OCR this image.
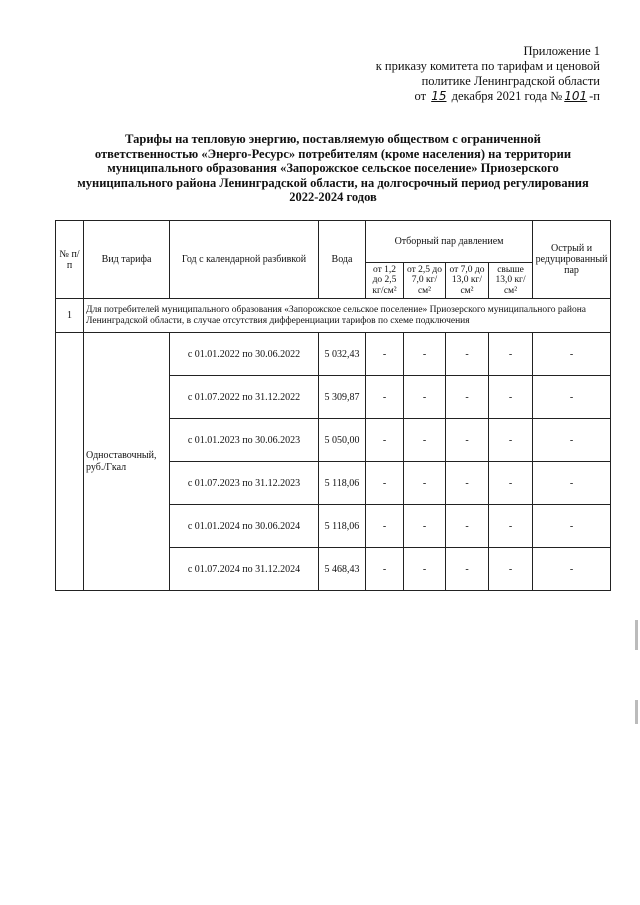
Приложение 1
к приказу комитета по тарифам и ценовой
политике Ленинградской области
от 15 декабря 2021 года № 101 -п
Тарифы на тепловую энергию, поставляемую обществом с ограниченной
ответственностью «Энерго-Ресурс» потребителям (кроме населения) на территории
муниципального образования «Запорожское сельское поселение» Приозерского
муниципального района Ленинградской области, на долгосрочный период регулирования
2022-2024 годов
№ п/п	Вид тарифа	Год с календарной разбивкой	Вода	Отборный пар давлением				Острый и редуцированный пар
				от 1,2 до 2,5 кг/см²	от 2,5 до 7,0 кг/см²	от 7,0 до 13,0 кг/см²	свыше 13,0 кг/см²	
1	Для потребителей муниципального образования «Запорожское сельское поселение» Приозерского муниципального района Ленинградской области, в случае отсутствия дифференциации тарифов по схеме подключения							
	Одноставочный, руб./Гкал	с 01.01.2022 по 30.06.2022	5 032,43	-	-	-	-	-
		с 01.07.2022 по 31.12.2022	5 309,87	-	-	-	-	-
		с 01.01.2023 по 30.06.2023	5 050,00	-	-	-	-	-
		с 01.07.2023 по 31.12.2023	5 118,06	-	-	-	-	-
		с 01.01.2024 по 30.06.2024	5 118,06	-	-	-	-	-
		с 01.07.2024 по 31.12.2024	5 468,43	-	-	-	-	-
